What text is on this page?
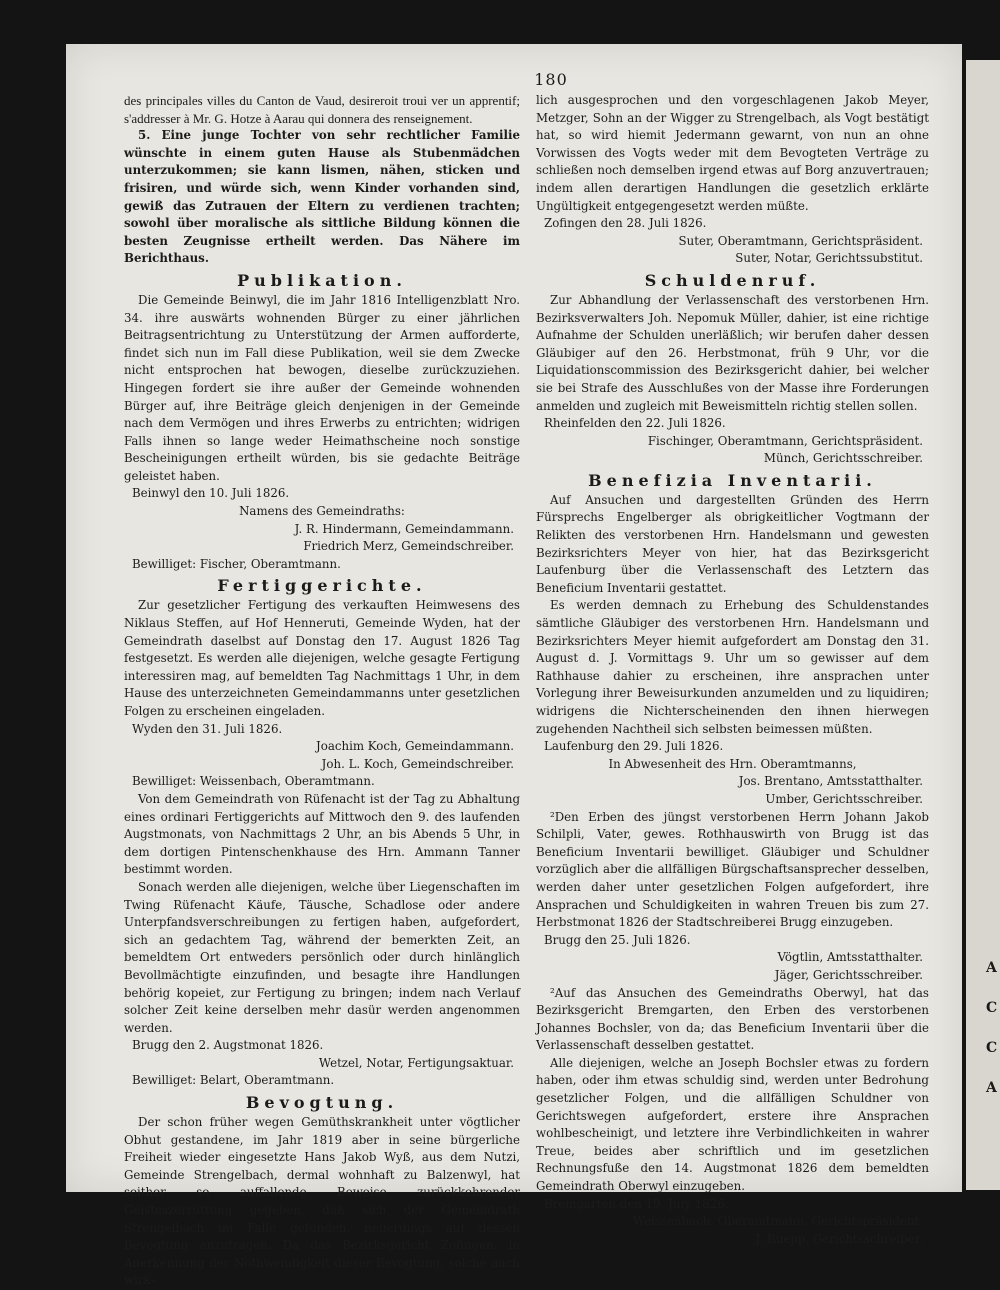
180

des principales villes du Canton de Vaud, desireroit troui ver un apprentif; s'addresser à Mr. G. Hotze à Aarau qui donnera des renseignement.

5. Eine junge Tochter von sehr rechtlicher Familie wünschte in einem guten Hause als Stubenmädchen unterzukommen; sie kann lismen, nähen, sticken und frisiren, und würde sich, wenn Kinder vorhanden sind, gewiß das Zutrauen der Eltern zu verdienen trachten; sowohl über moralische als sittliche Bildung können die besten Zeugnisse ertheilt werden. Das Nähere im Berichthaus.

Publikation.

Die Gemeinde Beinwyl, die im Jahr 1816 Intelligenzblatt Nro. 34. ihre auswärts wohnenden Bürger zu einer jährlichen Beitragsentrichtung zu Unterstützung der Armen aufforderte, findet sich nun im Fall diese Publikation, weil sie dem Zwecke nicht entsprochen hat bewogen, dieselbe zurückzuziehen. Hingegen fordert sie ihre außer der Gemeinde wohnenden Bürger auf, ihre Beiträge gleich denjenigen in der Gemeinde nach dem Vermögen und ihres Erwerbs zu entrichten; widrigen Falls ihnen so lange weder Heimathscheine noch sonstige Bescheinigungen ertheilt würden, bis sie gedachte Beiträge geleistet haben.

Beinwyl den 10. Juli 1826.

Namens des Gemeindraths:

J. R. Hindermann, Gemeindammann.

Friedrich Merz, Gemeindschreiber.

Bewilliget: Fischer, Oberamtmann.

Fertiggerichte.

Zur gesetzlicher Fertigung des verkauften Heimwesens des Niklaus Steffen, auf Hof Henneruti, Gemeinde Wyden, hat der Gemeindrath daselbst auf Donstag den 17. August 1826 Tag festgesetzt. Es werden alle diejenigen, welche gesagte Fertigung interessiren mag, auf bemeldten Tag Nachmittags 1 Uhr, in dem Hause des unterzeichneten Gemeindammanns unter gesetzlichen Folgen zu erscheinen eingeladen.

Wyden den 31. Juli 1826.

Joachim Koch, Gemeindammann.

Joh. L. Koch, Gemeindschreiber.

Bewilliget: Weissenbach, Oberamtmann.

Von dem Gemeindrath von Rüfenacht ist der Tag zu Abhaltung eines ordinari Fertiggerichts auf Mittwoch den 9. des laufenden Augstmonats, von Nachmittags 2 Uhr, an bis Abends 5 Uhr, in dem dortigen Pintenschenkhause des Hrn. Ammann Tanner bestimmt worden.

Sonach werden alle diejenigen, welche über Liegenschaften im Twing Rüfenacht Käufe, Täusche, Schadlose oder andere Unterpfandsverschreibungen zu fertigen haben, aufgefordert, sich an gedachtem Tag, während der bemerkten Zeit, an bemeldtem Ort entweders persönlich oder durch hinlänglich Bevollmächtigte einzufinden, und besagte ihre Handlungen behörig kopeiet, zur Fertigung zu bringen; indem nach Verlauf solcher Zeit keine derselben mehr dasür werden angenommen werden.

Brugg den 2. Augstmonat 1826.

Wetzel, Notar, Fertigungsaktuar.

Bewilliget: Belart, Oberamtmann.

Bevogtung.

Der schon früher wegen Gemüthskrankheit unter vögtlicher Obhut gestandene, im Jahr 1819 aber in seine bürgerliche Freiheit wieder eingesetzte Hans Jakob Wyß, aus dem Nutzi, Gemeinde Strengelbach, dermal wohnhaft zu Balzenwyl, hat seither so auffallende Beweise zurückkehrender Geisteszerrüttung gegeben, daß sich der Gemeindrath Strengelbach im Falle gefunden, neuerdings auf dessen Bevogtung anzutragen. Da das Bezirksgericht Zofingen, in Anerkennung der Nothwendigkeit dieser Bevogtung, solche auch wirk-

lich ausgesprochen und den vorgeschlagenen Jakob Meyer, Metzger, Sohn an der Wigger zu Strengelbach, als Vogt bestätigt hat, so wird hiemit Jedermann gewarnt, von nun an ohne Vorwissen des Vogts weder mit dem Bevogteten Verträge zu schließen noch demselben irgend etwas auf Borg anzuvertrauen; indem allen derartigen Handlungen die gesetzlich erklärte Ungültigkeit entgegengesetzt werden müßte.

Zofingen den 28. Juli 1826.

Suter, Oberamtmann, Gerichtspräsident.

Suter, Notar, Gerichtssubstitut.

Schuldenruf.

Zur Abhandlung der Verlassenschaft des verstorbenen Hrn. Bezirksverwalters Joh. Nepomuk Müller, dahier, ist eine richtige Aufnahme der Schulden unerläßlich; wir berufen daher dessen Gläubiger auf den 26. Herbstmonat, früh 9 Uhr, vor die Liquidationscommission des Bezirksgericht dahier, bei welcher sie bei Strafe des Ausschlußes von der Masse ihre Forderungen anmelden und zugleich mit Beweismitteln richtig stellen sollen.

Rheinfelden den 22. Juli 1826.

Fischinger, Oberamtmann, Gerichtspräsident.

Münch, Gerichtsschreiber.

Benefizia Inventarii.

Auf Ansuchen und dargestellten Gründen des Herrn Fürsprechs Engelberger als obrigkeitlicher Vogtmann der Relikten des verstorbenen Hrn. Handelsmann und gewesten Bezirksrichters Meyer von hier, hat das Bezirksgericht Laufenburg über die Verlassenschaft des Letztern das Beneficium Inventarii gestattet.

Es werden demnach zu Erhebung des Schuldenstandes sämtliche Gläubiger des verstorbenen Hrn. Handelsmann und Bezirksrichters Meyer hiemit aufgefordert am Donstag den 31. August d. J. Vormittags 9. Uhr um so gewisser auf dem Rathhause dahier zu erscheinen, ihre ansprachen unter Vorlegung ihrer Beweisurkunden anzumelden und zu liquidiren; widrigens die Nichterscheinenden den ihnen hierwegen zugehenden Nachtheil sich selbsten beimessen müßten.

Laufenburg den 29. Juli 1826.

In Abwesenheit des Hrn. Oberamtmanns,

Jos. Brentano, Amtsstatthalter.

Umber, Gerichtsschreiber.

²Den Erben des jüngst verstorbenen Herrn Johann Jakob Schilpli, Vater, gewes. Rothhauswirth von Brugg ist das Beneficium Inventarii bewilliget. Gläubiger und Schuldner vorzüglich aber die allfälligen Bürgschaftsansprecher desselben, werden daher unter gesetzlichen Folgen aufgefordert, ihre Ansprachen und Schuldigkeiten in wahren Treuen bis zum 27. Herbstmonat 1826 der Stadtschreiberei Brugg einzugeben.

Brugg den 25. Juli 1826.

Vögtlin, Amtsstatthalter.

Jäger, Gerichtsschreiber.

²Auf das Ansuchen des Gemeindraths Oberwyl, hat das Bezirksgericht Bremgarten, den Erben des verstorbenen Johannes Bochsler, von da; das Beneficium Inventarii über die Verlassenschaft desselben gestattet.

Alle diejenigen, welche an Joseph Bochsler etwas zu fordern haben, oder ihm etwas schuldig sind, werden unter Bedrohung gesetzlicher Folgen, und die allfälligen Schuldner von Gerichtswegen aufgefordert, erstere ihre Ansprachen wohlbescheinigt, und letztere ihre Verbindlichkeiten in wahrer Treue, beides aber schriftlich und im gesetzlichen Rechnungsfuße den 14. Augstmonat 1826 dem bemeldten Gemeindrath Oberwyl einzugeben.

Bremgarten den 19. July 1826.

Weissenbach, Oberamtmann, Gerichtspräsident.

J. Ruepp, Gerichtsschreiber.

A
C
C
A
